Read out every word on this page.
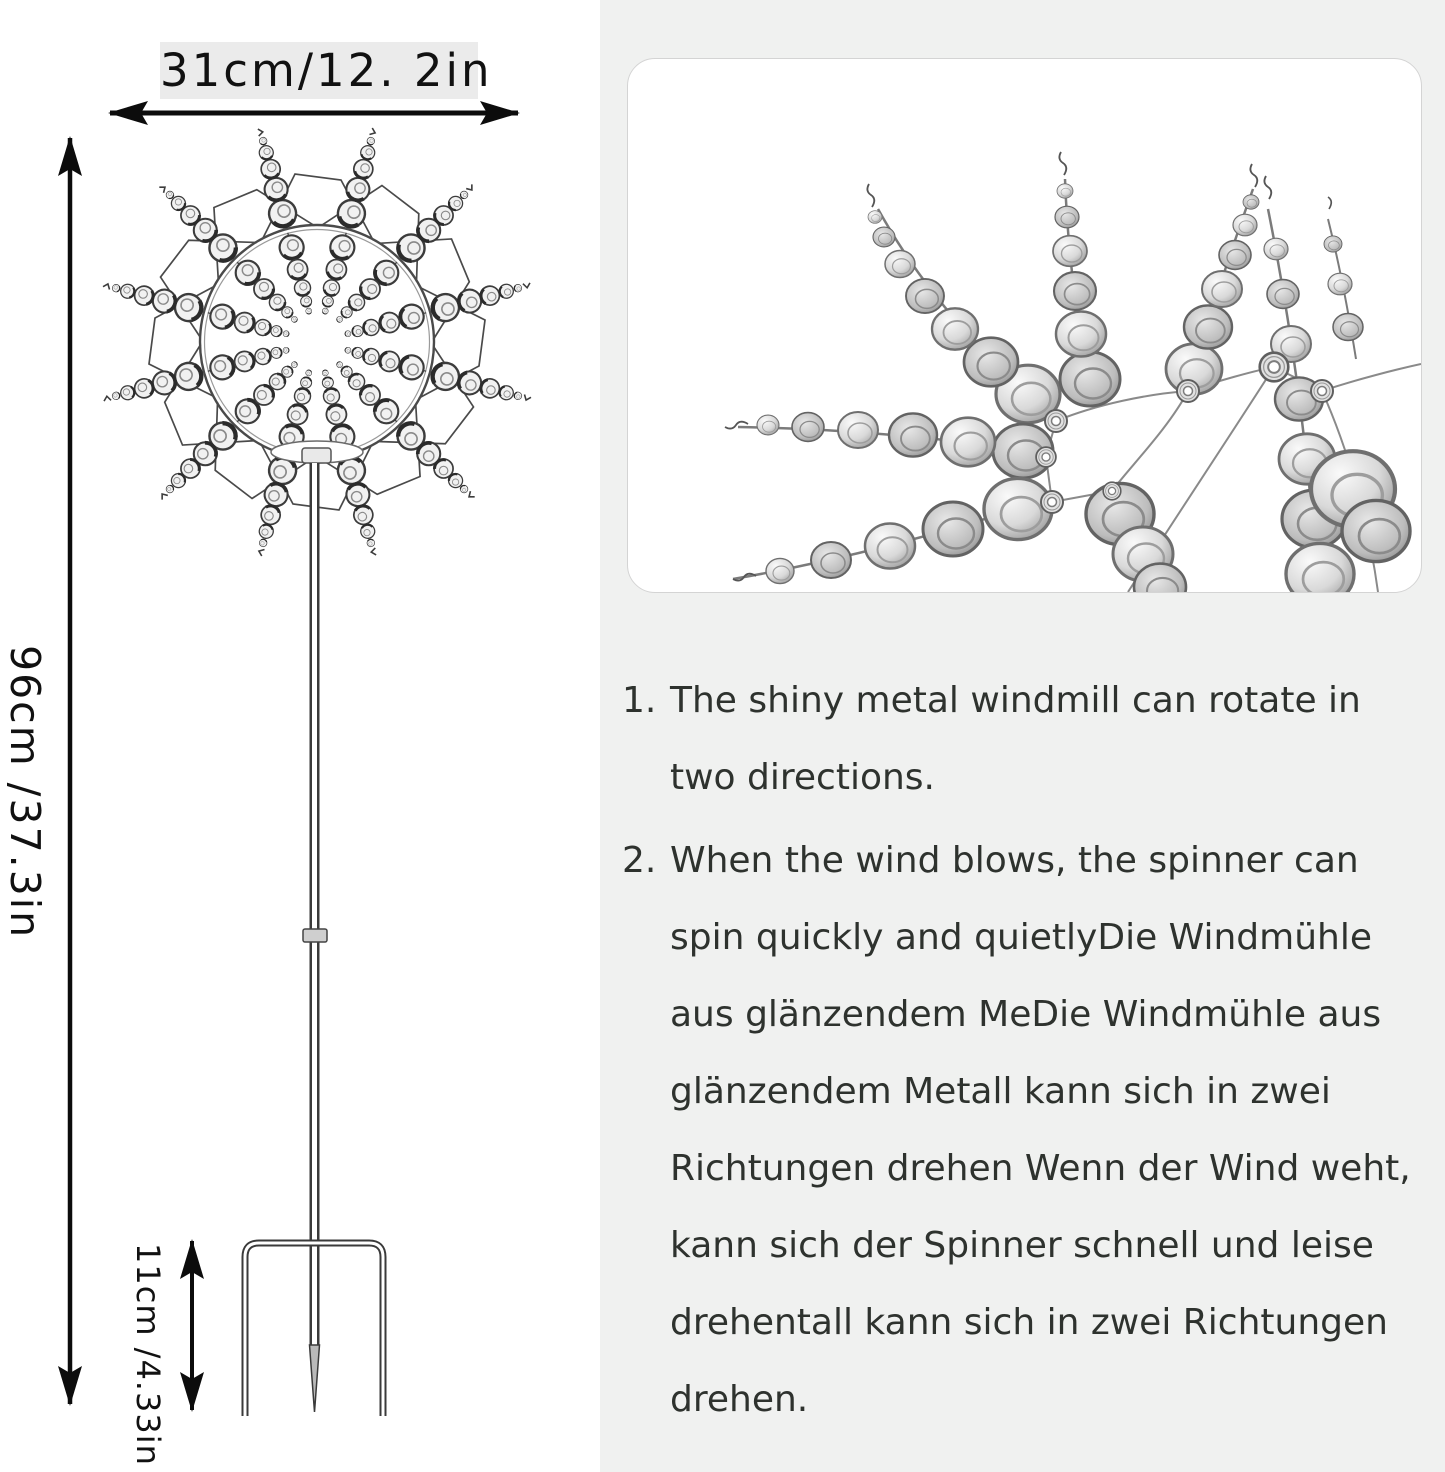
31cm/12. 2in
96cm /37.3in
11cm /4.33in
1. The shiny metal windmill can rotate in two directions.
2. When the wind blows, the spinner can spin quickly and quietlyDie Windmühle aus glänzendem MeDie Windmühle aus glänzendem Metall kann sich in zwei Richtungen drehen Wenn der Wind weht, kann sich der Spinner schnell und leise drehentall kann sich in zwei Richtungen drehen.
